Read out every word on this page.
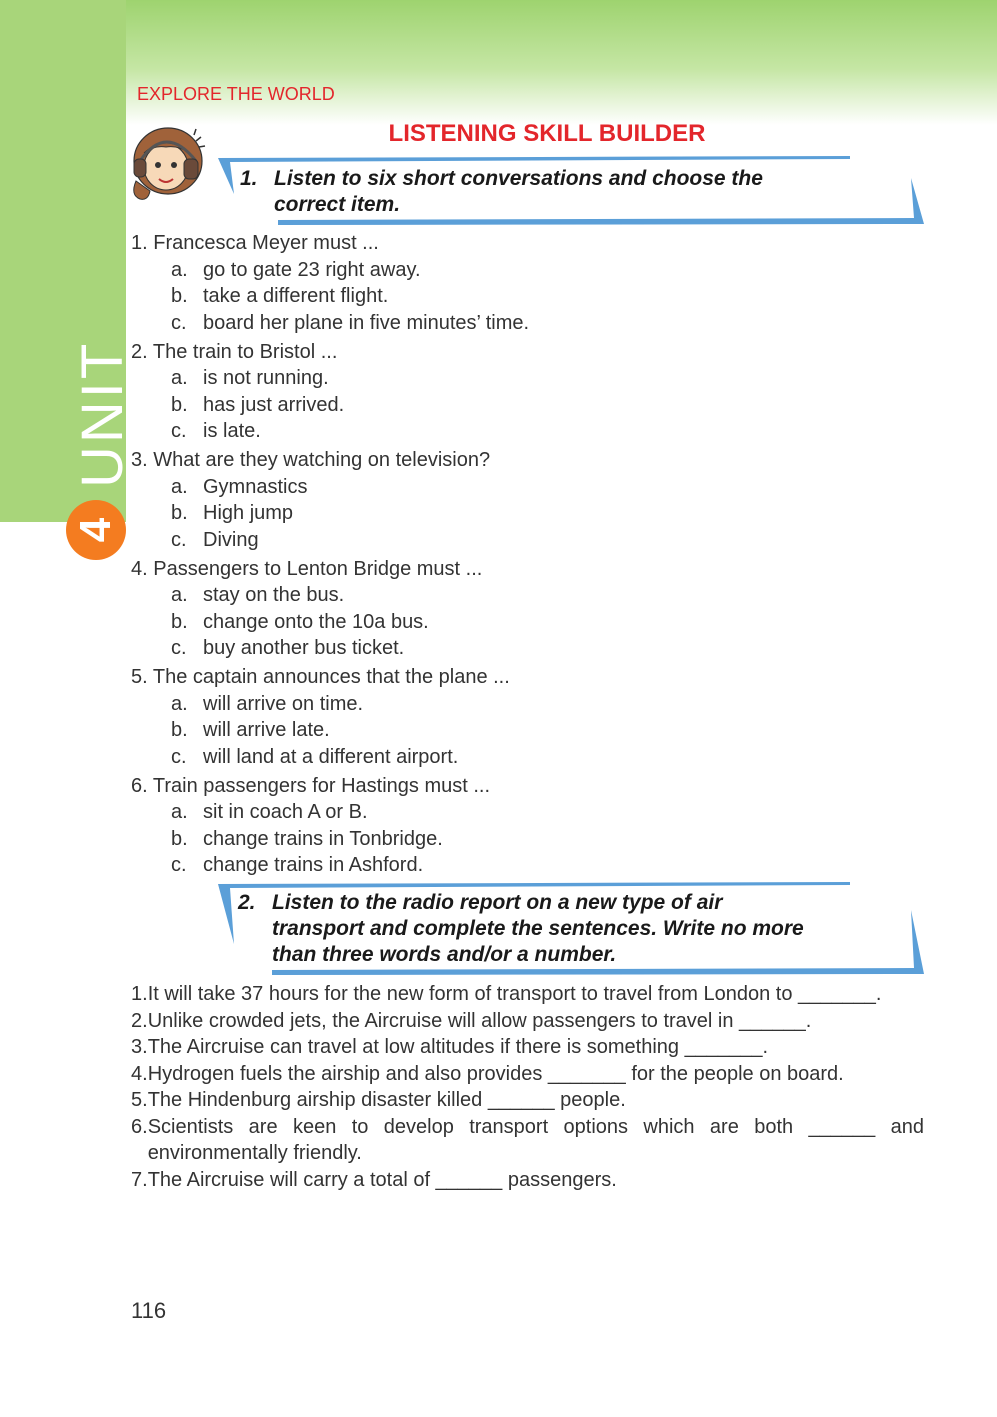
UNIT
4
EXPLORE THE WORLD
LISTENING SKILL BUILDER
1. Listen to six short conversations and choose the
correct item.
1. Francesca Meyer must ...
a. go to gate 23 right away.
b. take a different flight.
c. board her plane in five minutes’ time.
2. The train to Bristol ...
a. is not running.
b. has just arrived.
c. is late.
3. What are they watching on television?
a. Gymnastics
b. High jump
c. Diving
4. Passengers to Lenton Bridge must ...
a. stay on the bus.
b. change onto the 10a bus.
c. buy another bus ticket.
5. The captain announces that the plane ...
a. will arrive on time.
b. will arrive late.
c. will land at a different airport.
6. Train passengers for Hastings must ...
a. sit in coach A or B.
b. change trains in Tonbridge.
c. change trains in Ashford.
2. Listen to the radio report on a new type of air
transport and complete the sentences. Write no more
than three words and/or a number.
1. It will take 37 hours for the new form of transport to travel from London to _______.
2. Unlike crowded jets, the Aircruise will allow passengers to travel in ______.
3. The Aircruise can travel at low altitudes if there is something _______.
4. Hydrogen fuels the airship and also provides _______ for the people on board.
5. The Hindenburg airship disaster killed ______ people.
6. Scientists are keen to develop transport options which are both ______ and environmentally friendly.
7. The Aircruise will carry a total of ______ passengers.
116
